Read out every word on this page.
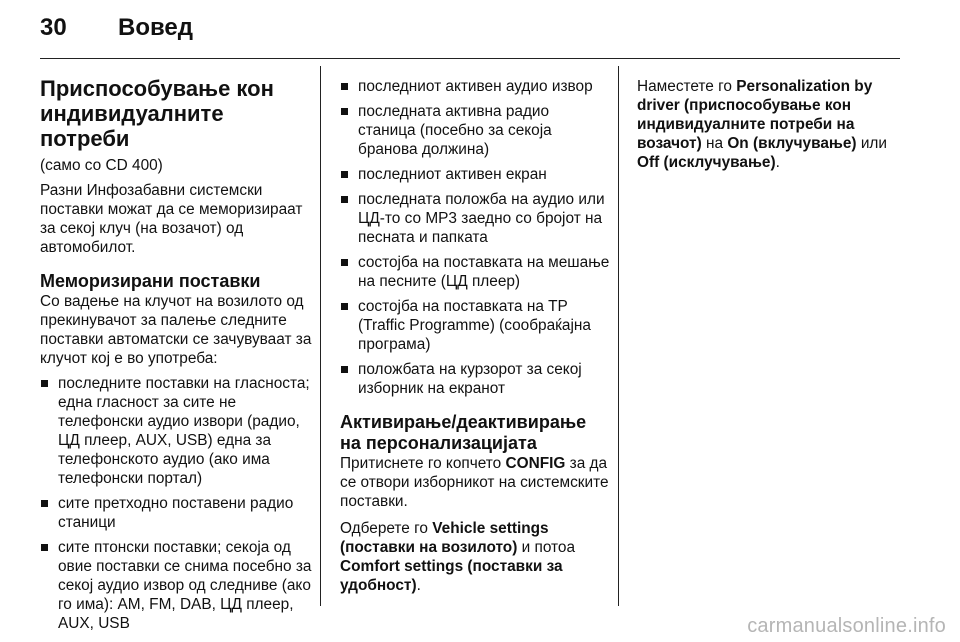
30 Вовед
Приспособување кон индивидуалните потреби

(само со CD 400)

Разни Инфозабавни системски поставки можат да се меморизираат за секој клуч (на возачот) од автомобилот.

Меморизирани поставки

Со вадење на клучот на возилото од прекинувачот за палење следните поставки автоматски се зачувуваат за клучот кој е во употреба:

последните поставки на гласноста; една гласност за сите не телефонски аудио извори (радио, ЦД плеер, AUX, USB) една за телефонското аудио (ако има телефонски портал)
сите претходно поставени радио станици
сите птонски поставки; секоја од овие поставки се снима посебно за секој аудио извор од следниве (ако го има): AM, FM, DAB, ЦД плеер, AUX, USB
последниот активен аудио извор
последната активна радио станица (посебно за секоја бранова должина)
последниот активен екран
последната положба на аудио или ЦД-то со MP3 заедно со бројот на песната и папката
состојба на поставката на мешање на песните (ЦД плеер)
состојба на поставката на TP (Traffic Programme) (сообраќајна програма)
положбата на курзорот за секој изборник на екранот
Активирање/деактивирање на персонализацијата

Притиснете го копчето CONFIG за да се отвори изборникот на системските поставки.

Одберете го Vehicle settings (поставки на возилото) и потоа Comfort settings (поставки за удобност).

Наместете го Personalization by driver (приспособување кон индивидуалните потреби на возачот) на On (вклучување) или Off (исклучување).

carmanualsonline.info
